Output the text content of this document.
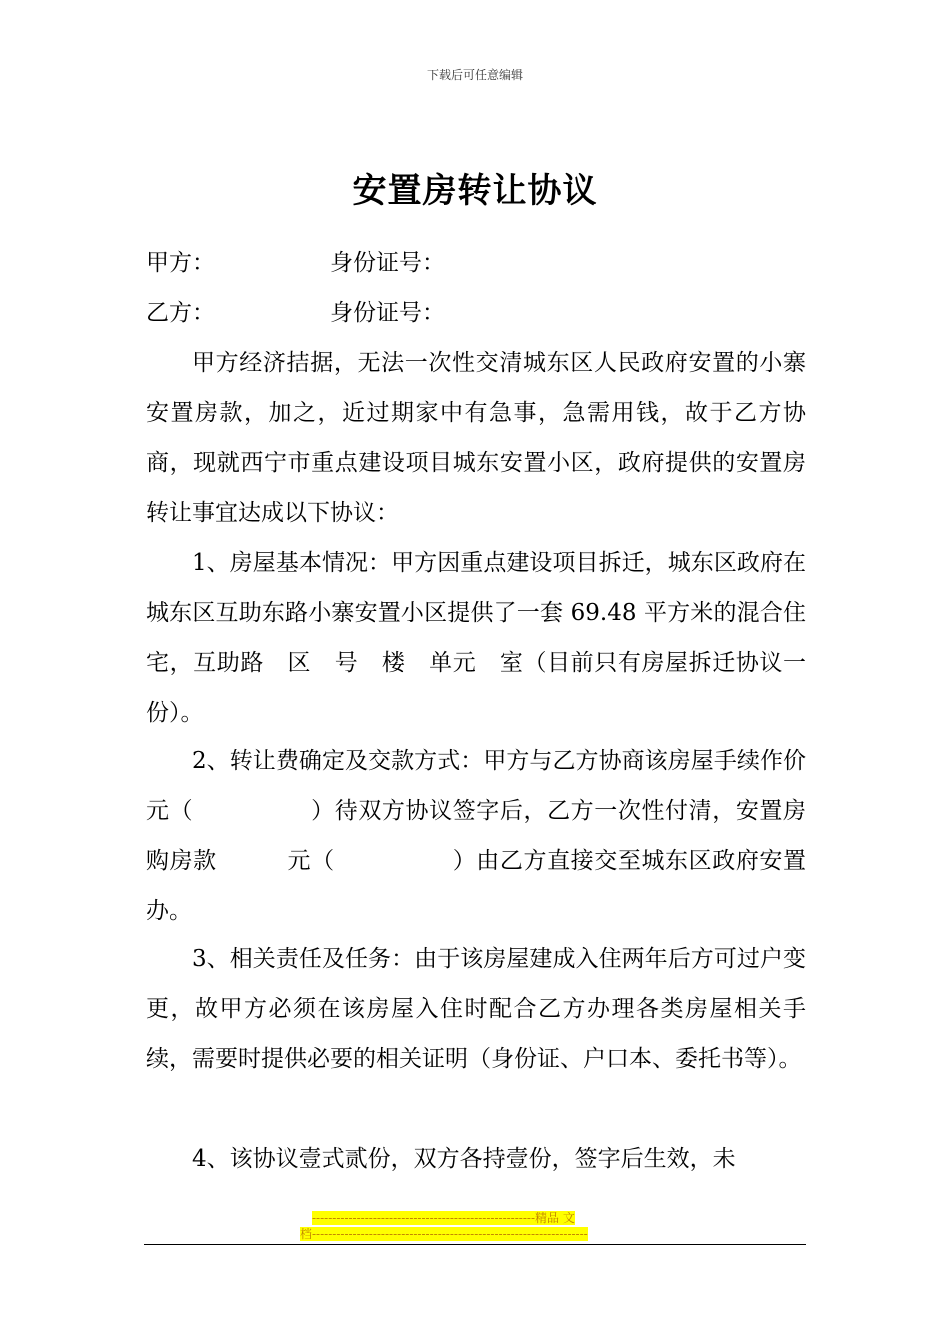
下载后可任意编辑
安置房转让协议
甲方：	身份证号：
乙方：	身份证号：
甲方经济拮据，无法一次性交清城东区人民政府安置的小寨安置房款，加之，近过期家中有急事，急需用钱，故于乙方协商，现就西宁市重点建设项目城东安置小区，政府提供的安置房转让事宜达成以下协议：
1、房屋基本情况：甲方因重点建设项目拆迁，城东区政府在城东区互助东路小寨安置小区提供了一套 69.48 平方米的混合住宅，互助路　区　号　楼　单元　室（目前只有房屋拆迁协议一份）。
2、转让费确定及交款方式：甲方与乙方协商该房屋手续作价　　元（　　　　　）待双方协议签字后，乙方一次性付清，安置房购房款　　　元（　　　　　）由乙方直接交至城东区政府安置办。
3、相关责任及任务：由于该房屋建成入住两年后方可过户变更，故甲方必须在该房屋入住时配合乙方办理各类房屋相关手续，需要时提供必要的相关证明（身份证、户口本、委托书等）。
4、该协议壹式贰份，双方各持壹份，签字后生效，未
-------------------------------------------------------精品 文
档--------------------------------------------------------------------
